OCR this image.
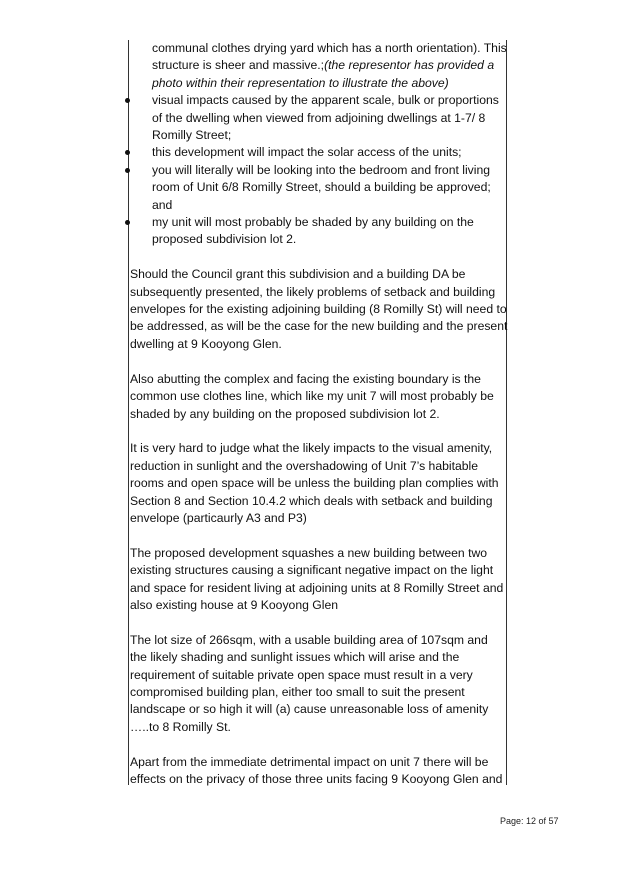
communal clothes drying yard which has a north orientation). This structure is sheer and massive.;(the representor has provided a photo within their representation to illustrate the above)
visual impacts caused by the apparent scale, bulk or proportions of the dwelling when viewed from adjoining dwellings at 1-7/ 8 Romilly Street;
this development will impact the solar access of the units;
you will literally will be looking into the bedroom and front living room of Unit 6/8 Romilly Street, should a building be approved; and
my unit will most probably be shaded by any building on the proposed subdivision lot 2.

Should the Council grant this subdivision and a building DA be subsequently presented, the likely problems of setback and building envelopes for the existing adjoining building (8 Romilly St) will need to be addressed, as will be the case for the new building and the present dwelling at 9 Kooyong Glen.

Also abutting the complex and facing the existing boundary is the common use clothes line, which like my unit 7 will most probably be shaded by any building on the proposed subdivision lot 2.

It is very hard to judge what the likely impacts to the visual amenity, reduction in sunlight and the overshadowing of Unit 7’s habitable rooms and open space will be unless the building plan complies with Section 8 and Section 10.4.2 which deals with setback and building envelope (particaurly A3 and P3)

The proposed development squashes a new building between two existing structures causing a significant negative impact on the light and space for resident living at adjoining units at 8 Romilly Street and also existing house at 9 Kooyong Glen

The lot size of 266sqm, with a usable building area of 107sqm and the likely shading and sunlight issues which will arise and the requirement of suitable private open space must result in a very compromised building plan, either too small to suit the present landscape or so high it will (a) cause unreasonable loss of amenity …..to 8 Romilly St.

Apart from the immediate detrimental impact on unit 7 there will be effects on the privacy of those three units facing 9 Kooyong Glen and

Page: 12 of 57
